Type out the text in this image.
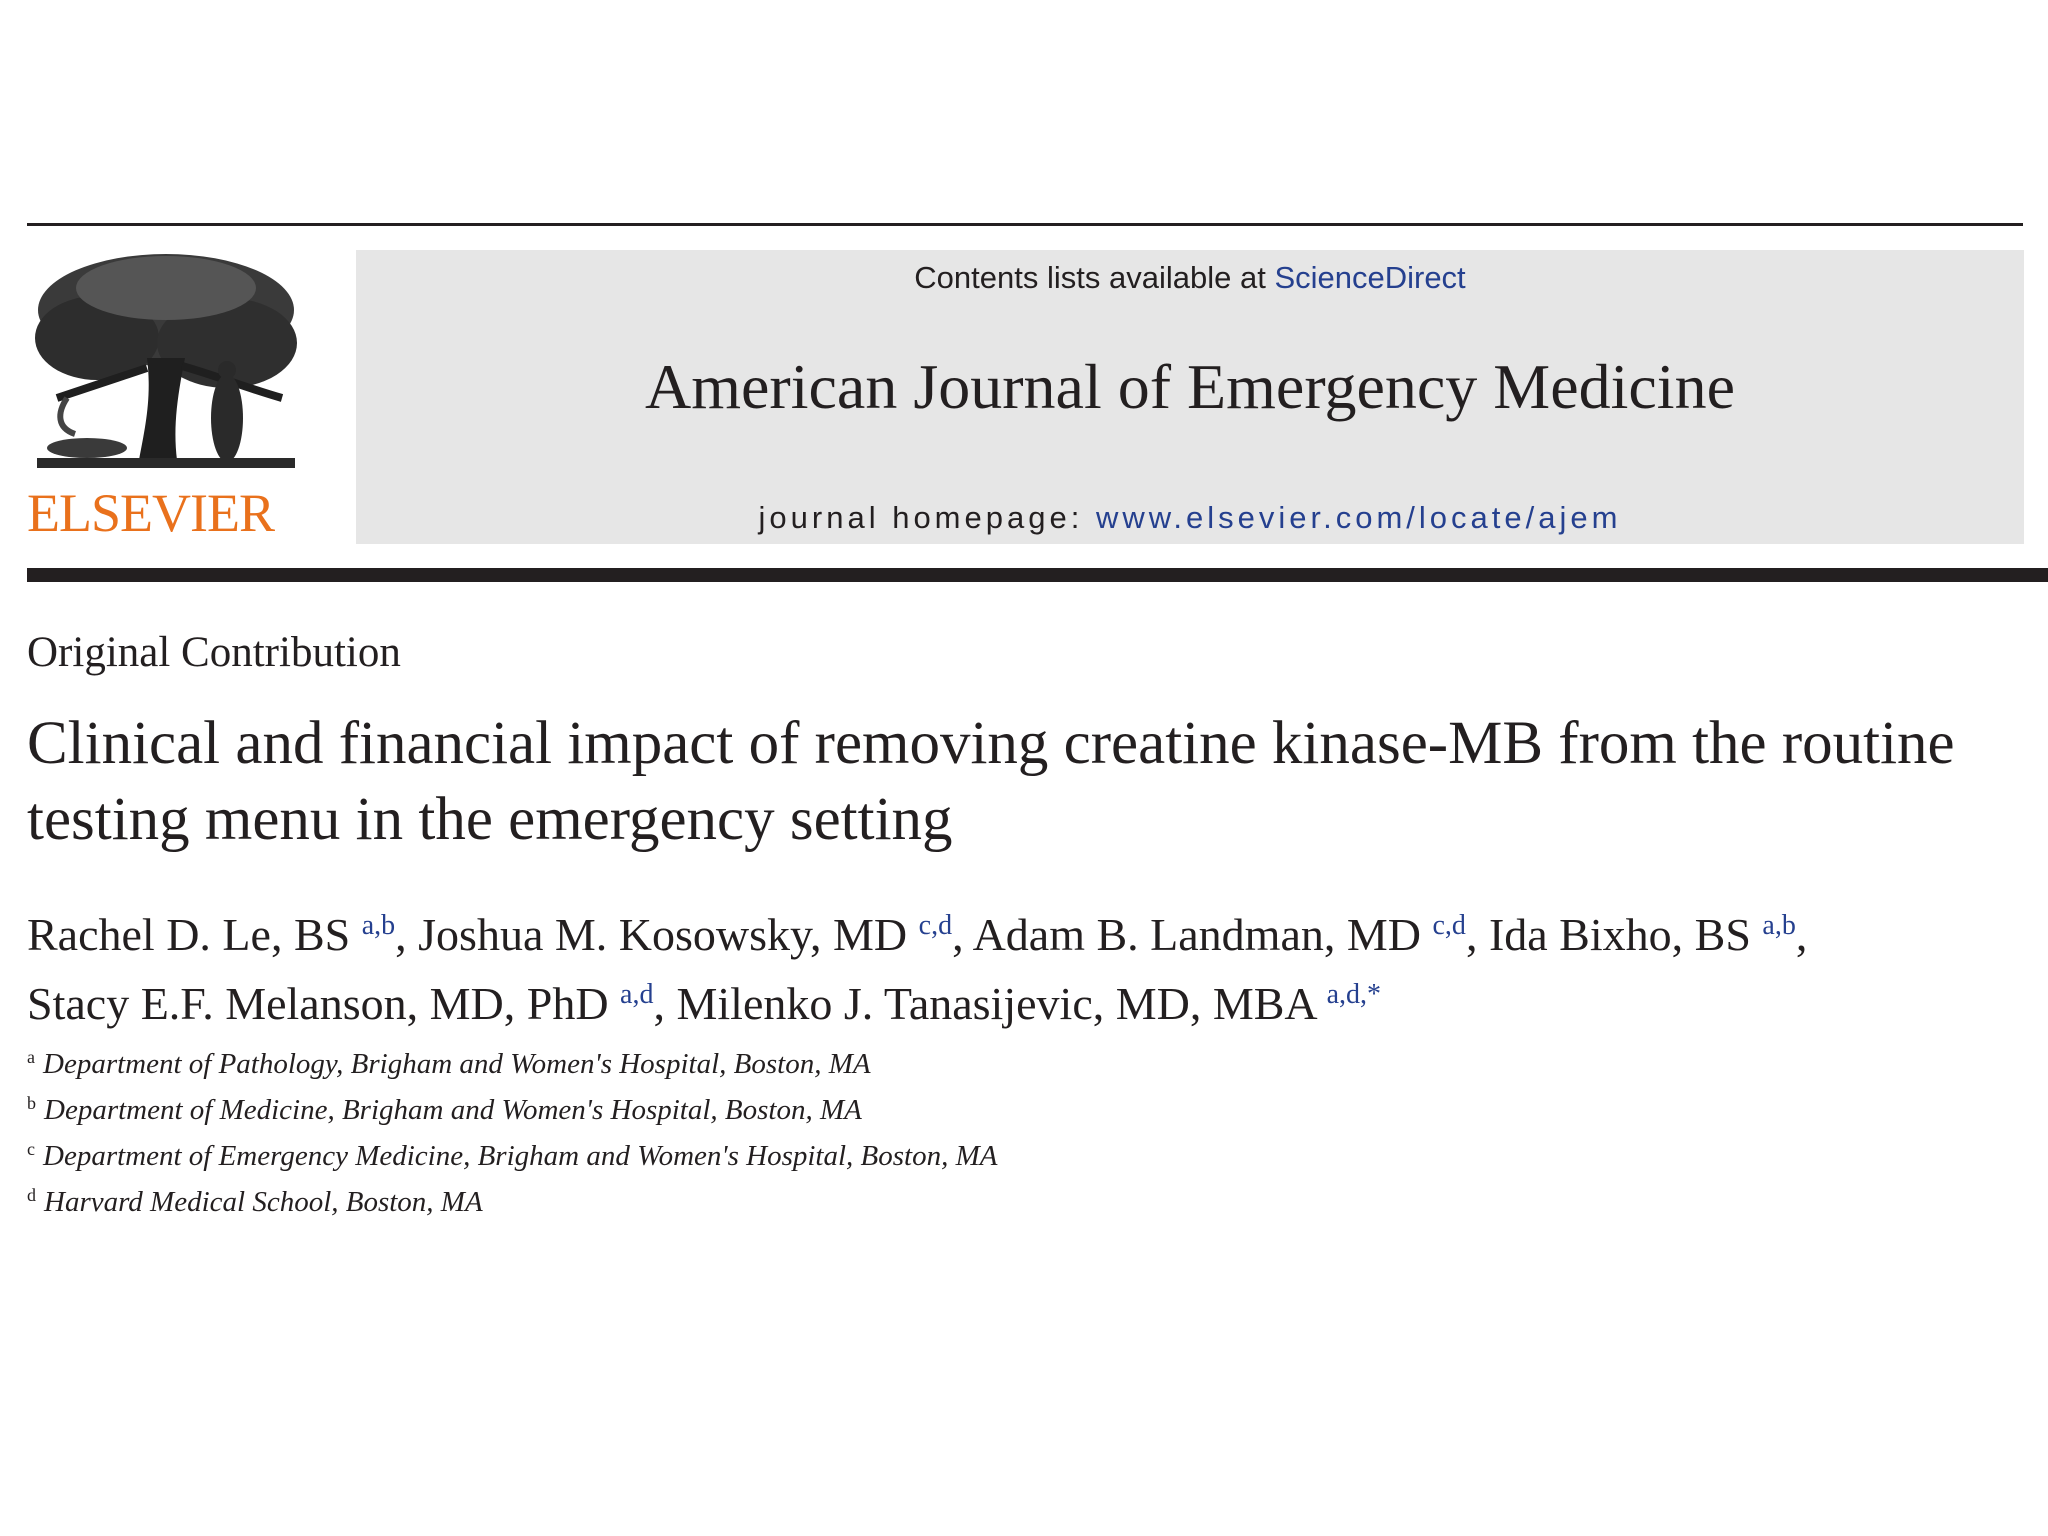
ELSEVIER
Contents lists available at ScienceDirect
American Journal of Emergency Medicine
journal homepage: www.elsevier.com/locate/ajem
Original Contribution
Clinical and financial impact of removing creatine kinase-MB from the routine testing menu in the emergency setting
Rachel D. Le, BS $^{a,b}$, Joshua M. Kosowsky, MD $^{c,d}$, Adam B. Landman, MD $^{c,d}$, Ida Bixho, BS $^{a,b}$,
Stacy E.F. Melanson, MD, PhD $^{a,d}$, Milenko J. Tanasijevic, MD, MBA $^{a,d,*}$
$^a$ Department of Pathology, Brigham and Women's Hospital, Boston, MA
$^b$ Department of Medicine, Brigham and Women's Hospital, Boston, MA
$^c$ Department of Emergency Medicine, Brigham and Women's Hospital, Boston, MA
$^d$ Harvard Medical School, Boston, MA
